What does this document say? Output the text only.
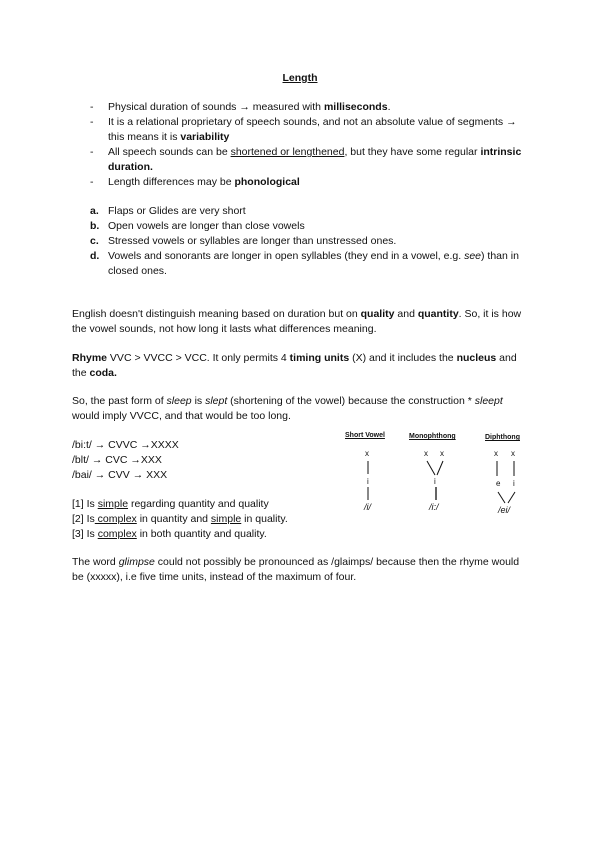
Length
- Physical duration of sounds → measured with milliseconds.
- It is a relational proprietary of speech sounds, and not an absolute value of segments → this means it is variability
- All speech sounds can be shortened or lengthened, but they have some regular intrinsic duration.
- Length differences may be phonological
a. Flaps or Glides are very short
b. Open vowels are longer than close vowels
c. Stressed vowels or syllables are longer than unstressed ones.
d. Vowels and sonorants are longer in open syllables (they end in a vowel, e.g. see) than in closed ones.

English doesn't distinguish meaning based on duration but on quality and quantity. So, it is how the vowel sounds, not how long it lasts what differences meaning.

Rhyme VVC > VVCC > VCC. It only permits 4 timing units (X) and it includes the nucleus and the coda.

So, the past form of sleep is slept (shortening of the vowel) because the construction * sleept would imply VVCC, and that would be too long.

/bi:t/ → CVVC →XXXX
/blt/ → CVC →XXX
/bai/ → CVV → XXX
[1] Is simple regarding quantity and quality
[2] Is complex in quantity and simple in quality.
[3] Is complex in both quantity and quality.
Short Vowel	Monophthong	Diphthong
x
i
/i/
x x
i
/i:/
x x
e i
/ei/

The word glimpse could not possibly be pronounced as /glaimps/ because then the rhyme would be (xxxxx), i.e five time units, instead of the maximum of four.
